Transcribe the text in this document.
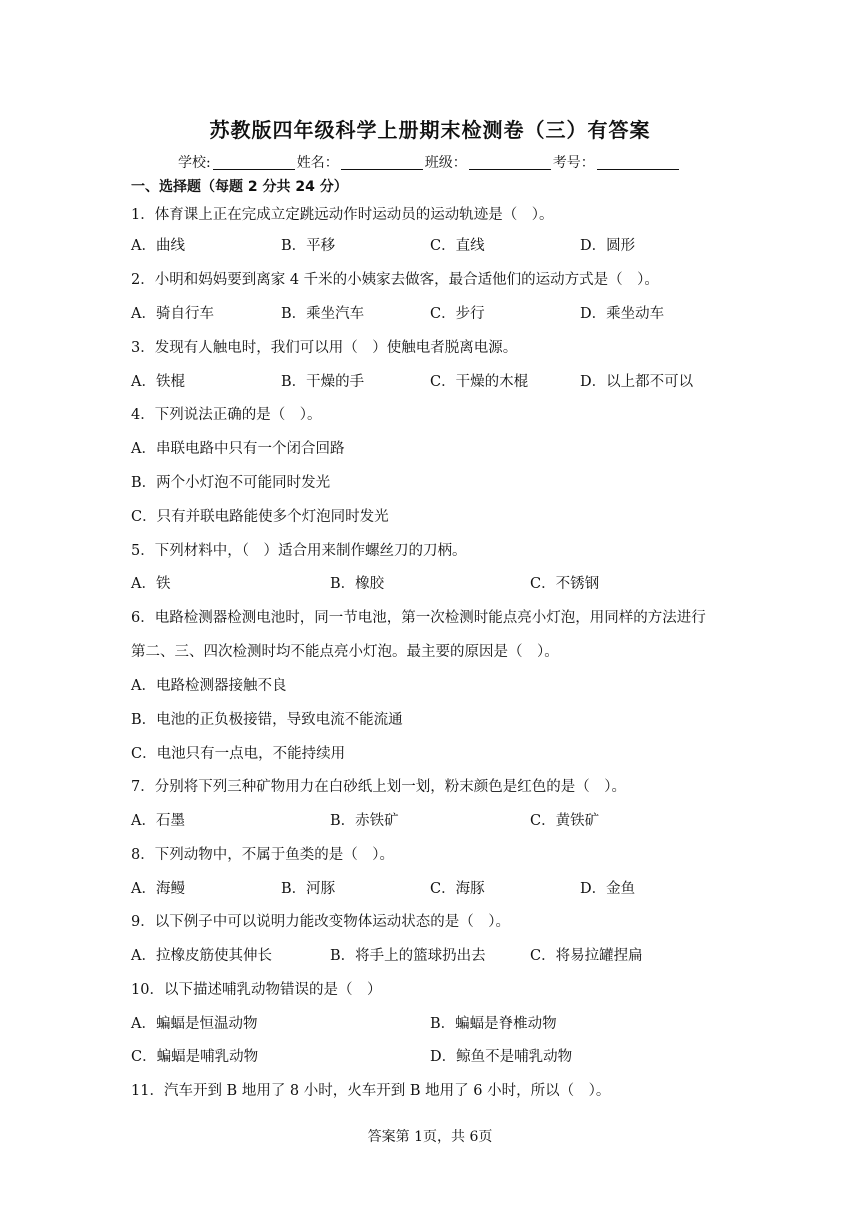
苏教版四年级科学上册期末检测卷（三）有答案
学校:	姓名：	班级：	考号：
一、选择题（每题 2 分共 24 分）
1．体育课上正在完成立定跳远动作时运动员的运动轨迹是（　）。
A．曲线	B．平移	C．直线	D．圆形
2．小明和妈妈要到离家 4 千米的小姨家去做客，最合适他们的运动方式是（　）。
A．骑自行车	B．乘坐汽车	C．步行	D．乘坐动车
3．发现有人触电时，我们可以用（　）使触电者脱离电源。
A．铁棍	B．干燥的手	C．干燥的木棍	D．以上都不可以
4．下列说法正确的是（　）。
A．串联电路中只有一个闭合回路
B．两个小灯泡不可能同时发光
C．只有并联电路能使多个灯泡同时发光
5．下列材料中，（　）适合用来制作螺丝刀的刀柄。
A．铁	B．橡胶	C．不锈钢
6．电路检测器检测电池时，同一节电池，第一次检测时能点亮小灯泡，用同样的方法进行
第二、三、四次检测时均不能点亮小灯泡。最主要的原因是（　）。
A．电路检测器接触不良
B．电池的正负极接错，导致电流不能流通
C．电池只有一点电，不能持续用
7．分别将下列三种矿物用力在白砂纸上划一划，粉末颜色是红色的是（　）。
A．石墨	B．赤铁矿	C．黄铁矿
8．下列动物中，不属于鱼类的是（　）。
A．海鳗	B．河豚	C．海豚	D．金鱼
9．以下例子中可以说明力能改变物体运动状态的是（　）。
A．拉橡皮筋使其伸长	B．将手上的篮球扔出去	C．将易拉罐捏扁
10．以下描述哺乳动物错误的是（　）
A．蝙蝠是恒温动物	B．蝙蝠是脊椎动物
C．蝙蝠是哺乳动物	D．鲸鱼不是哺乳动物
11．汽车开到 B 地用了 8 小时，火车开到 B 地用了 6 小时，所以（　）。
答案第 1页，共 6页
